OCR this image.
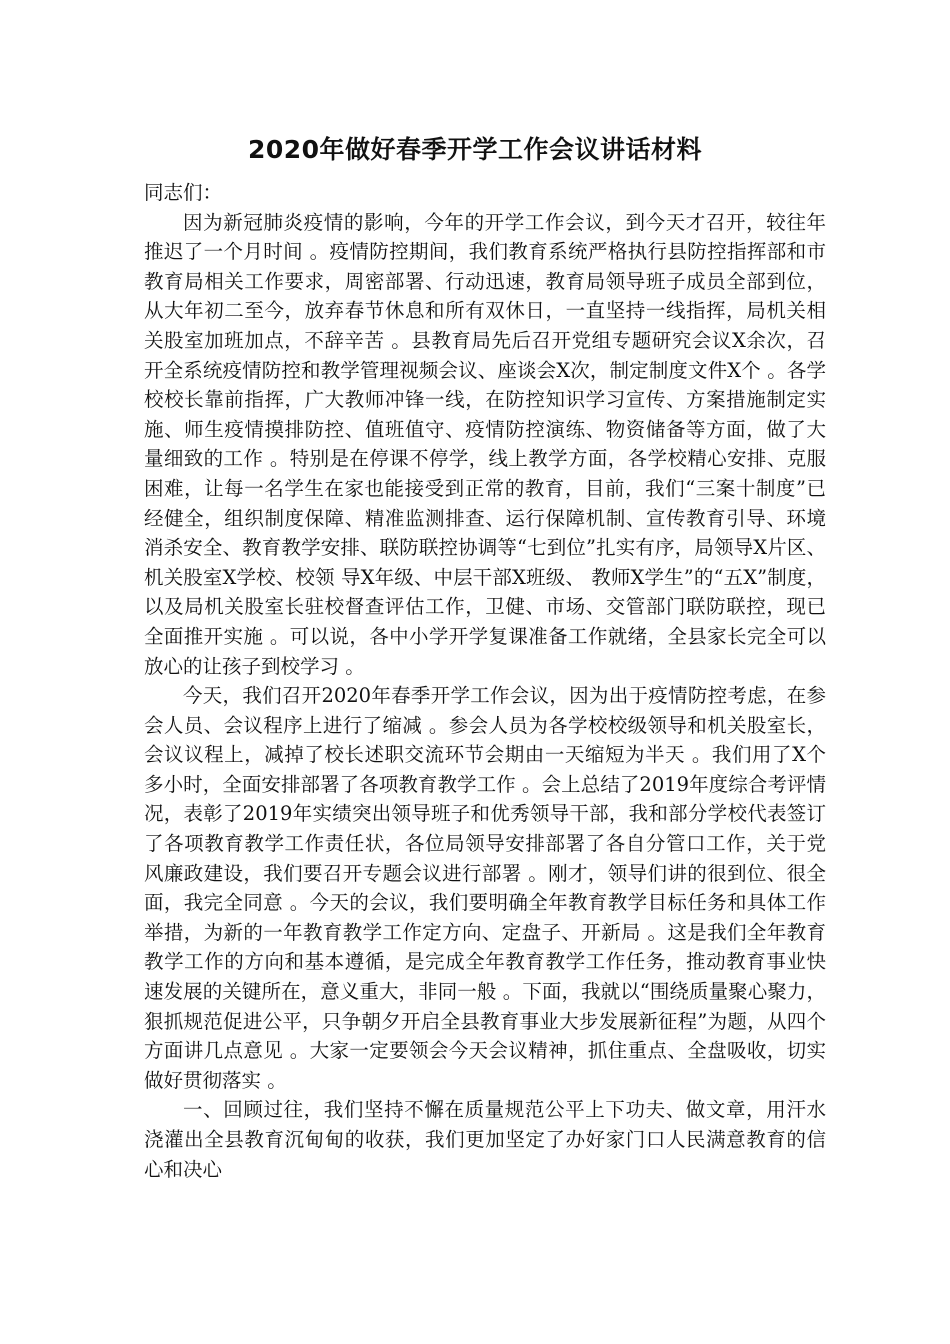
2020年做好春季开学工作会议讲话材料

同志们：

因为新冠肺炎疫情的影响，今年的开学工作会议，到今天才召开，较往年推迟了一个月时间 。疫情防控期间，我们教育系统严格执行县防控指挥部和市教育局相关工作要求，周密部署、行动迅速，教育局领导班子成员全部到位，从大年初二至今，放弃春节休息和所有双休日，一直坚持一线指挥，局机关相关股室加班加点，不辞辛苦 。县教育局先后召开党组专题研究会议X余次，召开全系统疫情防控和教学管理视频会议、座谈会X次，制定制度文件X个 。各学校校长靠前指挥，广大教师冲锋一线，在防控知识学习宣传、方案措施制定实施、师生疫情摸排防控、值班值守、疫情防控演练、物资储备等方面，做了大量细致的工作 。特别是在停课不停学，线上教学方面，各学校精心安排、克服困难，让每一名学生在家也能接受到正常的教育，目前，我们“三案十制度”已经健全，组织制度保障、精准监测排查、运行保障机制、宣传教育引导、环境消杀安全、教育教学安排、联防联控协调等“七到位”扎实有序，局领导X片区、机关股室X学校、校领 导X年级、中层干部X班级、 教师X学生”的“五X”制度，以及局机关股室长驻校督查评估工作，卫健、市场、交管部门联防联控，现已全面推开实施 。可以说，各中小学开学复课准备工作就绪，全县家长完全可以放心的让孩子到校学习 。

今天，我们召开2020年春季开学工作会议，因为出于疫情防控考虑，在参会人员、会议程序上进行了缩减 。参会人员为各学校校级领导和机关股室长，会议议程上，减掉了校长述职交流环节会期由一天缩短为半天 。我们用了X个多小时，全面安排部署了各项教育教学工作 。会上总结了2019年度综合考评情况，表彰了2019年实绩突出领导班子和优秀领导干部，我和部分学校代表签订了各项教育教学工作责任状，各位局领导安排部署了各自分管口工作，关于党风廉政建设，我们要召开专题会议进行部署 。刚才，领导们讲的很到位、很全面，我完全同意 。今天的会议，我们要明确全年教育教学目标任务和具体工作举措，为新的一年教育教学工作定方向、定盘子、开新局 。这是我们全年教育教学工作的方向和基本遵循，是完成全年教育教学工作任务，推动教育事业快速发展的关键所在，意义重大，非同一般 。下面，我就以“围绕质量聚心聚力，狠抓规范促进公平，只争朝夕开启全县教育事业大步发展新征程”为题，从四个方面讲几点意见 。大家一定要领会今天会议精神，抓住重点、全盘吸收，切实做好贯彻落实 。

一、回顾过往，我们坚持不懈在质量规范公平上下功夫、做文章，用汗水浇灌出全县教育沉甸甸的收获，我们更加坚定了办好家门口人民满意教育的信心和决心
